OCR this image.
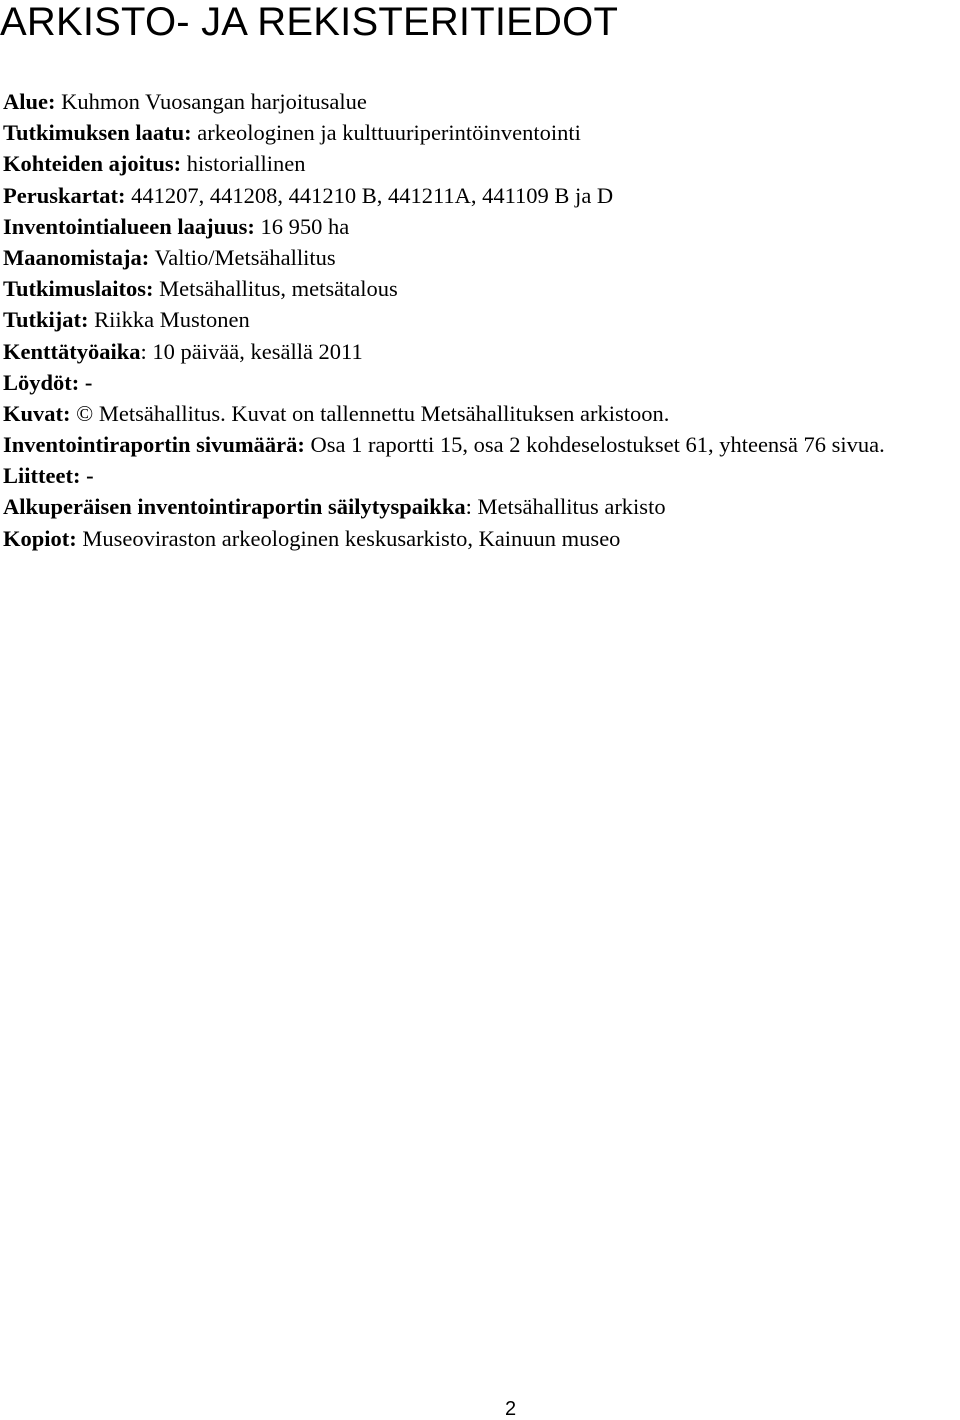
ARKISTO- JA REKISTERITIEDOT

Alue: Kuhmon Vuosangan harjoitusalue

Tutkimuksen laatu: arkeologinen ja kulttuuriperintöinventointi

Kohteiden ajoitus: historiallinen

Peruskartat: 441207, 441208, 441210 B, 441211A, 441109 B ja D

Inventointialueen laajuus: 16 950 ha

Maanomistaja: Valtio/Metsähallitus

Tutkimuslaitos: Metsähallitus, metsätalous

Tutkijat: Riikka Mustonen

Kenttätyöaika: 10 päivää, kesällä 2011

Löydöt: -

Kuvat: © Metsähallitus. Kuvat on tallennettu Metsähallituksen arkistoon.

Inventointiraportin sivumäärä: Osa 1 raportti 15, osa 2 kohdeselostukset 61, yhteensä 76 sivua.

Liitteet: -

Alkuperäisen inventointiraportin säilytyspaikka: Metsähallitus arkisto

Kopiot: Museoviraston arkeologinen keskusarkisto, Kainuun museo

2
